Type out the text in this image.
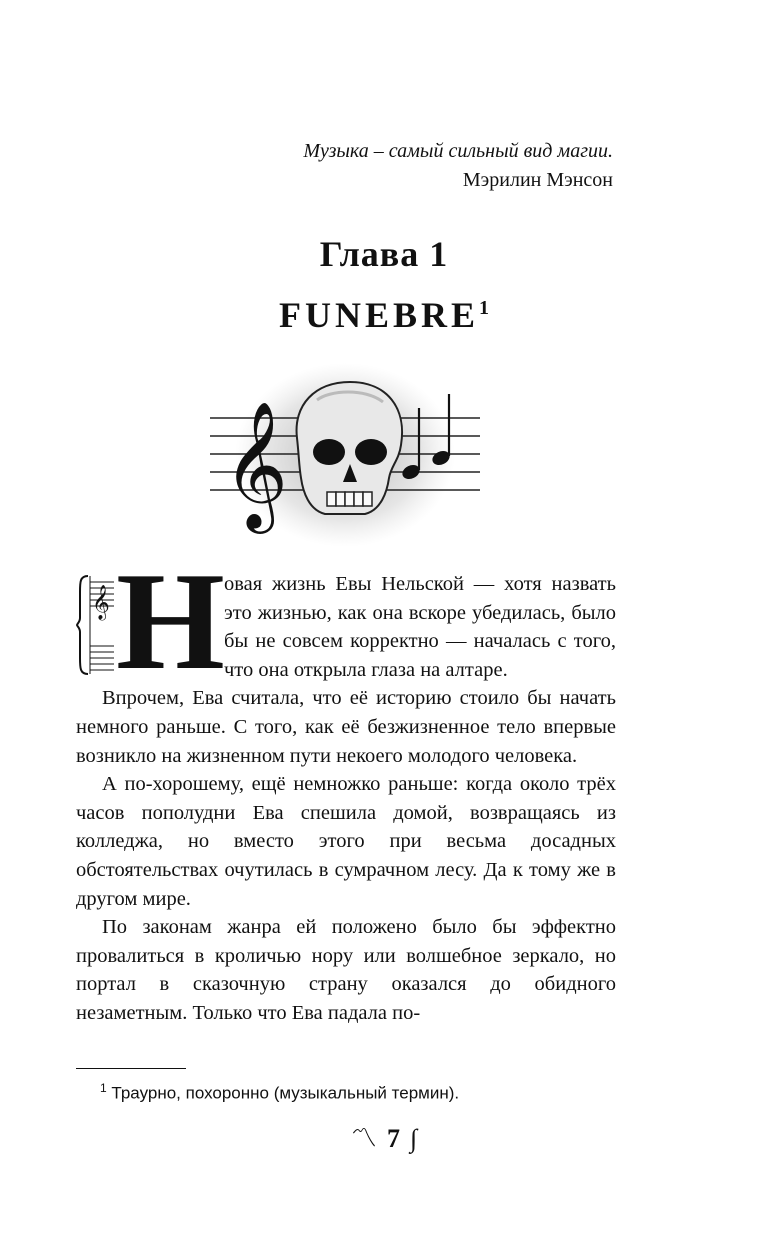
Музыка – самый сильный вид магии.
Мэрилин Мэнсон
Глава 1
FUNEBRE$^1$
𝄞

𝄞 Н овая жизнь Евы Нельской — хотя назвать это жизнью, как она вскоре убедилась, было бы не совсем корректно — началась с того, что она открыла глаза на алтаре.

Впрочем, Ева считала, что её историю стоило бы начать немного раньше. С того, как её безжизненное тело впервые возникло на жизненном пути некоего молодого человека.

А по-хорошему, ещё немножко раньше: когда около трёх часов пополудни Ева спешила домой, возвращаясь из колледжа, но вместо этого при весьма досадных обстоятельствах очутилась в сумрачном лесу. Да к тому же в другом мире.

По законам жанра ей положено было бы эффектно провалиться в кроличью нору или волшебное зеркало, но портал в сказочную страну оказался до обидного незаметным. Только что Ева падала по-

$^1$ Траурно, похоронно (музыкальный термин).
〽 7 ∫
